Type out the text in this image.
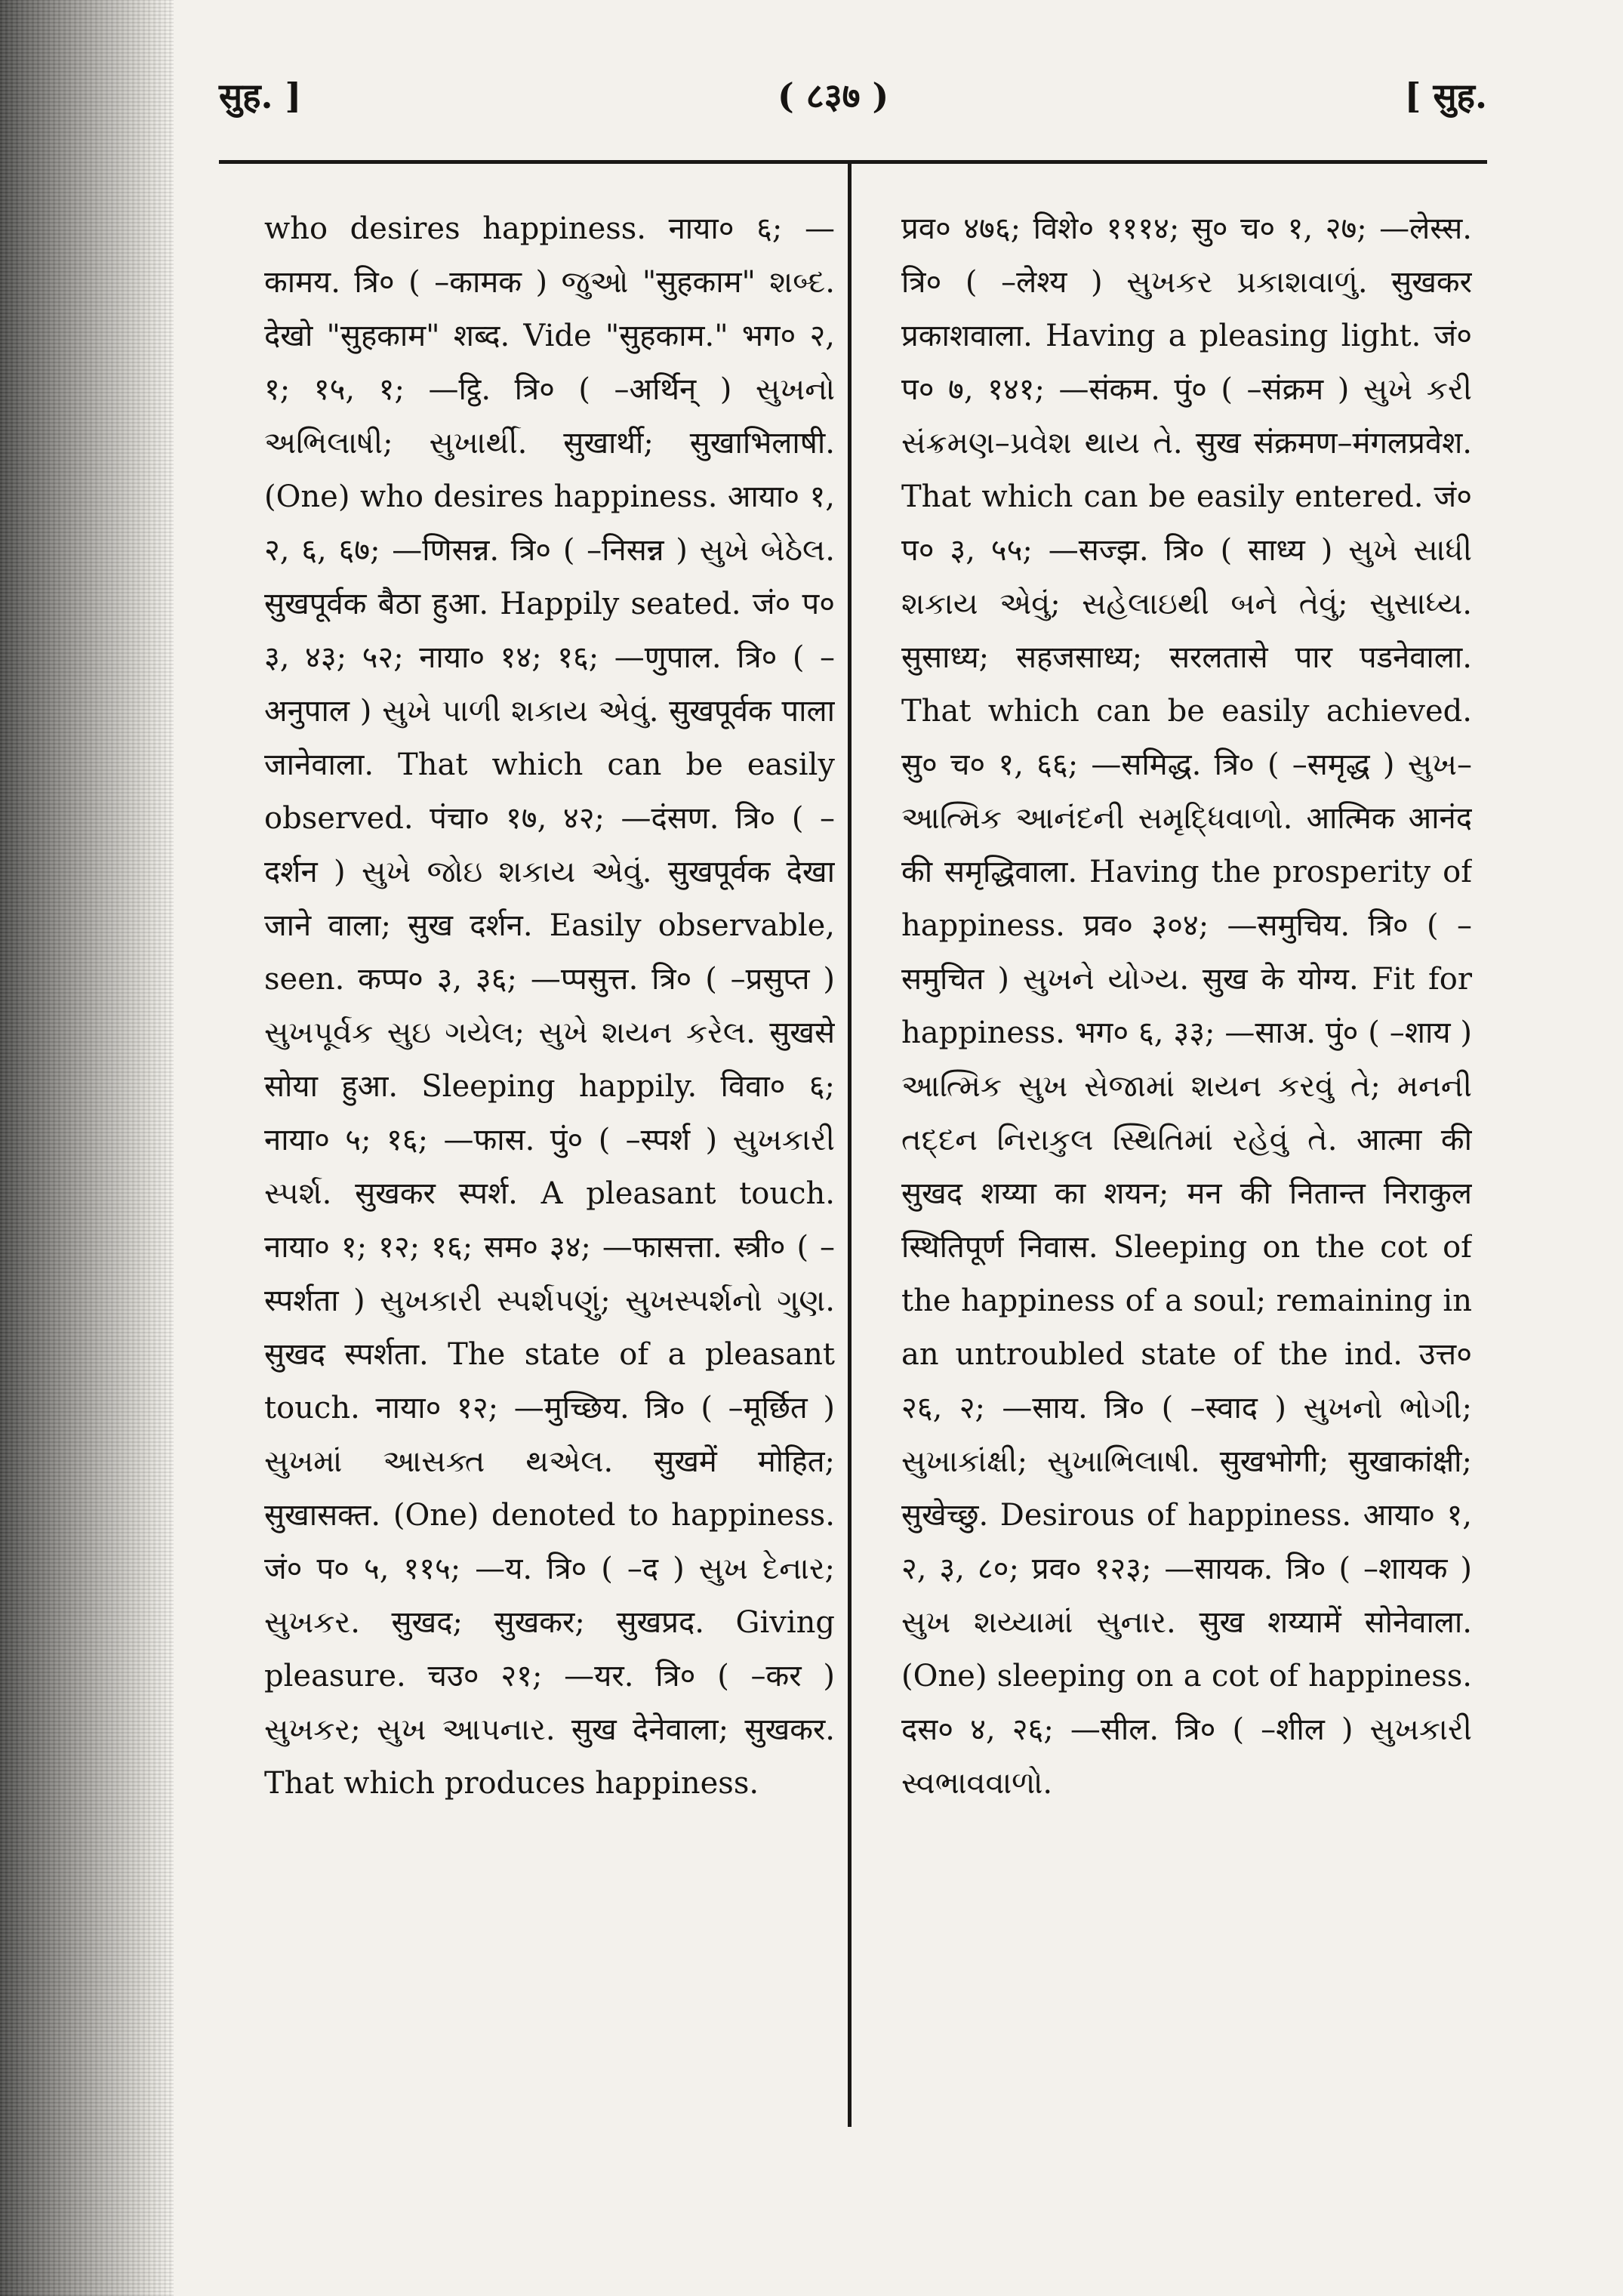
सुह. ]	( ८३७ )	[ सुह.

who desires happiness. नाया० ६; —कामय. त्रि० ( –कामक ) જુઓ "सुहकाम" શબ્દ. देखो "सुहकाम" शब्द. Vide "सुहकाम." भग० २, १; १५, १; —ट्ठि. त्रि० ( –अर्थिन् ) સુખનો અભિલાષી; સુખાર્થી. सुखार्थी; सुखाभिलाषी. (One) who desires happiness. आया० १, २, ६, ६७; —णिसन्न. त्रि० ( –निसन्न ) સુખે બેઠેલ. सुखपूर्वक बैठा हुआ. Happily seated. जं० प० ३, ४३; ५२; नाया० १४; १६; —णुपाल. त्रि० ( –अनुपाल ) સુખે પાળી શકાય એવું. सुखपूर्वक पाला जानेवाला. That which can be easily observed. पंचा० १७, ४२; —दंसण. त्रि० ( –दर्शन ) સુખે જોઇ શકાય એવું. सुखपूर्वक देखा जाने वाला; सुख दर्शन. Easily observable, seen. कप्प० ३, ३६; —प्पसुत्त. त्रि० ( –प्रसुप्त ) સુખપૂર્વક સુઇ ગયેલ; સુખે શયન કરેલ. सुखसे सोया हुआ. Sleeping happily. विवा० ६; नाया० ५; १६; —फास. पुं० ( –स्पर्श ) સુખકારી સ્પર્શ. सुखकर स्पर्श. A pleasant touch. नाया० १; १२; १६; सम० ३४; —फासत्ता. स्त्री० ( –स्पर्शता ) સુખકારી સ્પર્શપણું; સુખસ્પર્શનો ગુણ. सुखद स्पर्शता. The state of a pleasant touch. नाया० १२; —मुच्छिय. त्रि० ( –मूर्छित ) સુખમાં આસક્ત થએલ. सुखमें मोहित; सुखासक्त. (One) denoted to happiness. जं० प० ५, ११५; —य. त्रि० ( –द ) સુખ દેનાર; સુખકર. सुखद; सुखकर; सुखप्रद. Giving pleasure. चउ० २१; —यर. त्रि० ( –कर ) સુખકર; સુખ આપનાર. सुख देनेवाला; सुखकर. That which produces happiness.

प्रव० ४७६; विशे० १११४; सु० च० १, २७; —लेस्स. त्रि० ( –लेश्य ) સુખકર પ્રકાશવાળું. सुखकर प्रकाशवाला. Having a pleasing light. जं० प० ७, १४१; —संकम. पुं० ( –संक्रम ) સુખે કરી સંક્રમણ–પ્રવેશ થાય તે. सुख संक्रमण–मंगलप्रवेश. That which can be easily entered. जं० प० ३, ५५; —सज्झ. त्रि० ( साध्य ) સુખે સાધી શકાય એવું; સહેલાઇથી બને તેવું; સુસાધ્ય. सुसाध्य; सहजसाध्य; सरलतासे पार पडनेवाला. That which can be easily achieved. सु० च० १, ६६; —समिद्ध. त्रि० ( –समृद्ध ) સુખ–આત્મિક આનંદની સમૃદ્ધિવાળો. आत्मिक आनंद की समृद्धिवाला. Having the prosperity of happiness. प्रव० ३०४; —समुचिय. त्रि० ( –समुचित ) સુખને યોગ્ય. सुख के योग्य. Fit for happiness. भग० ६, ३३; —साअ. पुं० ( –शाय ) આત્મિક સુખ સેજામાં શયન કરવું તે; મનની તદ્દન નિરાકુલ સ્થિતિમાં રહેવું તે. आत्मा की सुखद शय्या का शयन; मन की नितान्त निराकुल स्थितिपूर्ण निवास. Sleeping on the cot of the happiness of a soul; remaining in an untroubled state of the ind. उत्त० २६, २; —साय. त्रि० ( –स्वाद ) સુખનો ભોગી; સુખાકાંક્ષી; સુખાભિલાષી. सुखभोगी; सुखाकांक्षी; सुखेच्छु. Desirous of happiness. आया० १, २, ३, ८०; प्रव० १२३; —सायक. त्रि० ( –शायक ) સુખ શય્યામાં સુનાર. सुख शय्यामें सोनेवाला. (One) sleeping on a cot of happiness. दस० ४, २६; —सील. त्रि० ( –शील ) સુખકારી સ્વભાવવાળો.
